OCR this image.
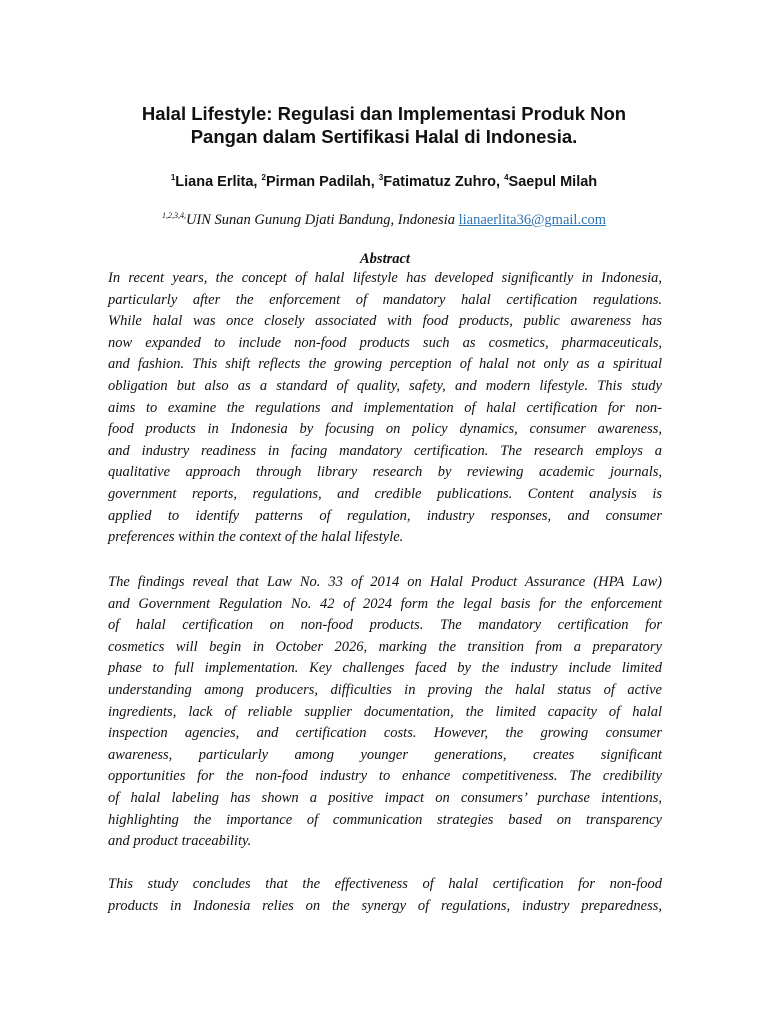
Halal Lifestyle: Regulasi dan Implementasi Produk Non
Pangan dalam Sertifikasi Halal di Indonesia.
$^1$Liana Erlita, $^2$Pirman Padilah, $^3$Fatimatuz Zuhro, $^4$Saepul Milah
$^{1,2,3,4,}$UIN Sunan Gunung Djati Bandung, Indonesia lianaerlita36@gmail.com
Abstract
In recent years, the concept of halal lifestyle has developed significantly in Indonesia,
particularly after the enforcement of mandatory halal certification regulations.
While halal was once closely associated with food products, public awareness has
now expanded to include non-food products such as cosmetics, pharmaceuticals,
and fashion. This shift reflects the growing perception of halal not only as a spiritual
obligation but also as a standard of quality, safety, and modern lifestyle. This study
aims to examine the regulations and implementation of halal certification for non-
food products in Indonesia by focusing on policy dynamics, consumer awareness,
and industry readiness in facing mandatory certification. The research employs a
qualitative approach through library research by reviewing academic journals,
government reports, regulations, and credible publications. Content analysis is
applied to identify patterns of regulation, industry responses, and consumer
preferences within the context of the halal lifestyle.
The findings reveal that Law No. 33 of 2014 on Halal Product Assurance (HPA Law)
and Government Regulation No. 42 of 2024 form the legal basis for the enforcement
of halal certification on non-food products. The mandatory certification for
cosmetics will begin in October 2026, marking the transition from a preparatory
phase to full implementation. Key challenges faced by the industry include limited
understanding among producers, difficulties in proving the halal status of active
ingredients, lack of reliable supplier documentation, the limited capacity of halal
inspection agencies, and certification costs. However, the growing consumer
awareness, particularly among younger generations, creates significant
opportunities for the non-food industry to enhance competitiveness. The credibility
of halal labeling has shown a positive impact on consumers’ purchase intentions,
highlighting the importance of communication strategies based on transparency
and product traceability.
This study concludes that the effectiveness of halal certification for non-food
products in Indonesia relies on the synergy of regulations, industry preparedness,
